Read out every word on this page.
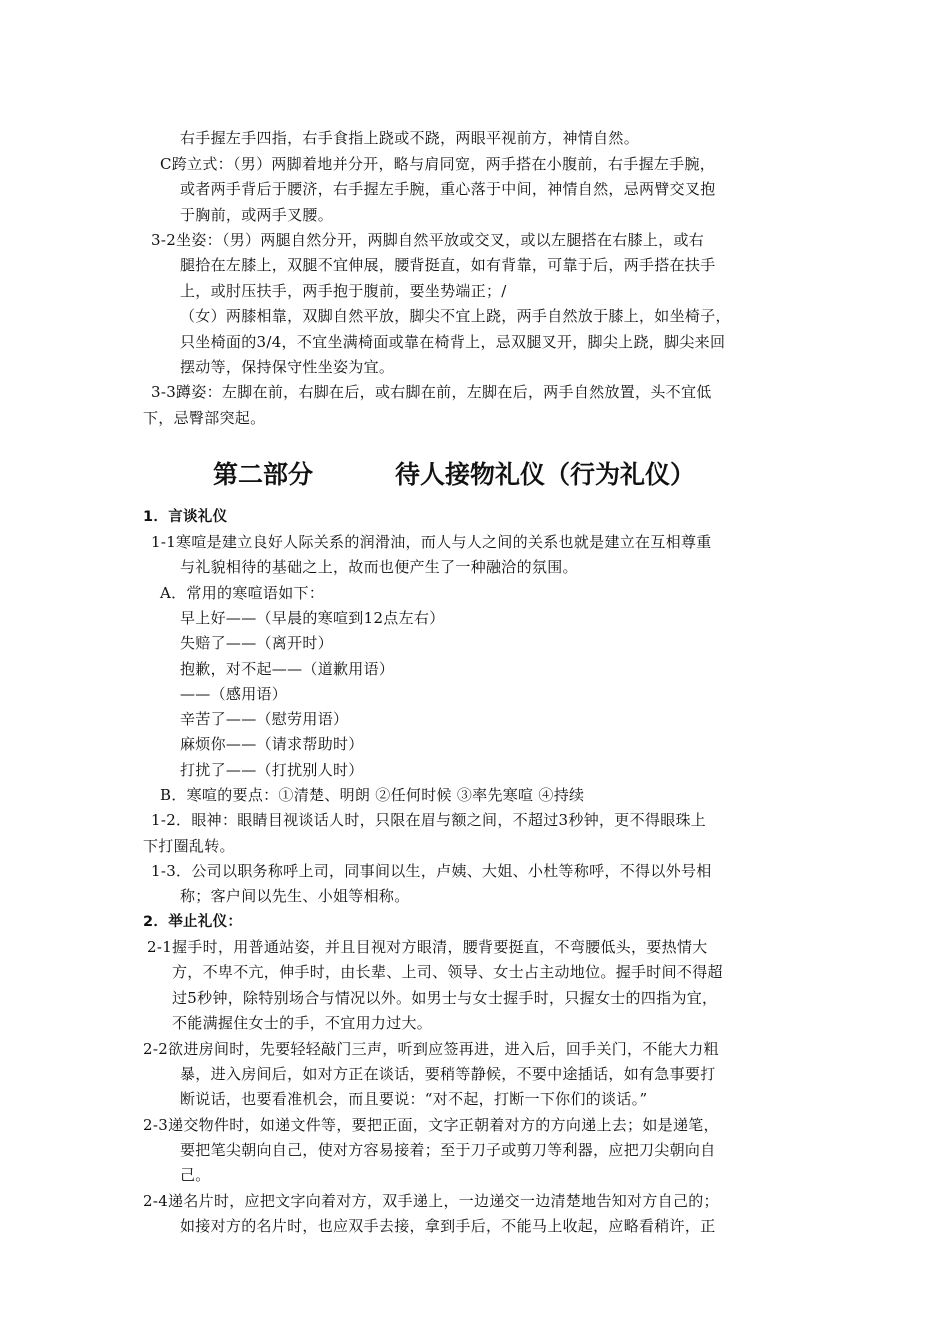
右手握左手四指，右手食指上跷或不跷，两眼平视前方，神情自然。
C跨立式：（男）两脚着地并分开，略与肩同宽，两手搭在小腹前，右手握左手腕，
或者两手背后于腰济，右手握左手腕，重心落于中间，神情自然，忌两臂交叉抱
于胸前，或两手叉腰。
3-2坐姿：（男）两腿自然分开，两脚自然平放或交叉，或以左腿搭在右膝上，或右
腿拾在左膝上，双腿不宜伸展，腰背挺直，如有背靠，可靠于后，两手搭在扶手
上，或肘压扶手，两手抱于腹前，要坐势端正；/
（女）两膝相靠，双脚自然平放，脚尖不宜上跷，两手自然放于膝上，如坐椅子，
只坐椅面的3/4，不宜坐满椅面或靠在椅背上，忌双腿叉开，脚尖上跷，脚尖来回
摆动等，保持保守性坐姿为宜。
3-3蹲姿：左脚在前，右脚在后，或右脚在前，左脚在后，两手自然放置，头不宜低
下，忌臀部突起。
第二部分	待人接物礼仪（行为礼仪）
1．言谈礼仪
1-1寒喧是建立良好人际关系的润滑油，而人与人之间的关系也就是建立在互相尊重
与礼貌相待的基础之上，故而也便产生了一种融洽的氛围。
A．常用的寒喧语如下：
早上好——（早晨的寒喧到12点左右）
失赔了——（离开时）
抱歉，对不起——（道歉用语）
——（感用语）
辛苦了——（慰劳用语）
麻烦你——（请求帮助时）
打扰了——（打扰别人时）
B．寒喧的要点：①清楚、明朗 ②任何时候 ③率先寒喧 ④持续
1-2．眼神：眼睛目视谈话人时，只限在眉与额之间，不超过3秒钟，更不得眼珠上
下打圈乱转。
1-3．公司以职务称呼上司，同事间以生，卢姨、大姐、小杜等称呼，不得以外号相
称；客户间以先生、小姐等相称。
2．举止礼仪：
2-1握手时，用普通站姿，并且目视对方眼清，腰背要挺直，不弯腰低头，要热情大
方，不卑不亢，伸手时，由长辈、上司、领导、女士占主动地位。握手时间不得超
过5秒钟，除特别场合与情况以外。如男士与女士握手时，只握女士的四指为宜，
不能满握住女士的手，不宜用力过大。
2-2欲进房间时，先要轻轻敲门三声，听到应签再进，进入后，回手关门，不能大力粗
暴，进入房间后，如对方正在谈话，要稍等静候，不要中途插话，如有急事要打
断说话，也要看准机会，而且要说：“对不起，打断一下你们的谈话。”
2-3递交物件时，如递文件等，要把正面，文字正朝着对方的方向递上去；如是递笔，
要把笔尖朝向自己，使对方容易接着；至于刀子或剪刀等利器，应把刀尖朝向自
己。
2-4递名片时，应把文字向着对方，双手递上，一边递交一边清楚地告知对方自己的；
如接对方的名片时，也应双手去接，拿到手后，不能马上收起，应略看稍许，正
